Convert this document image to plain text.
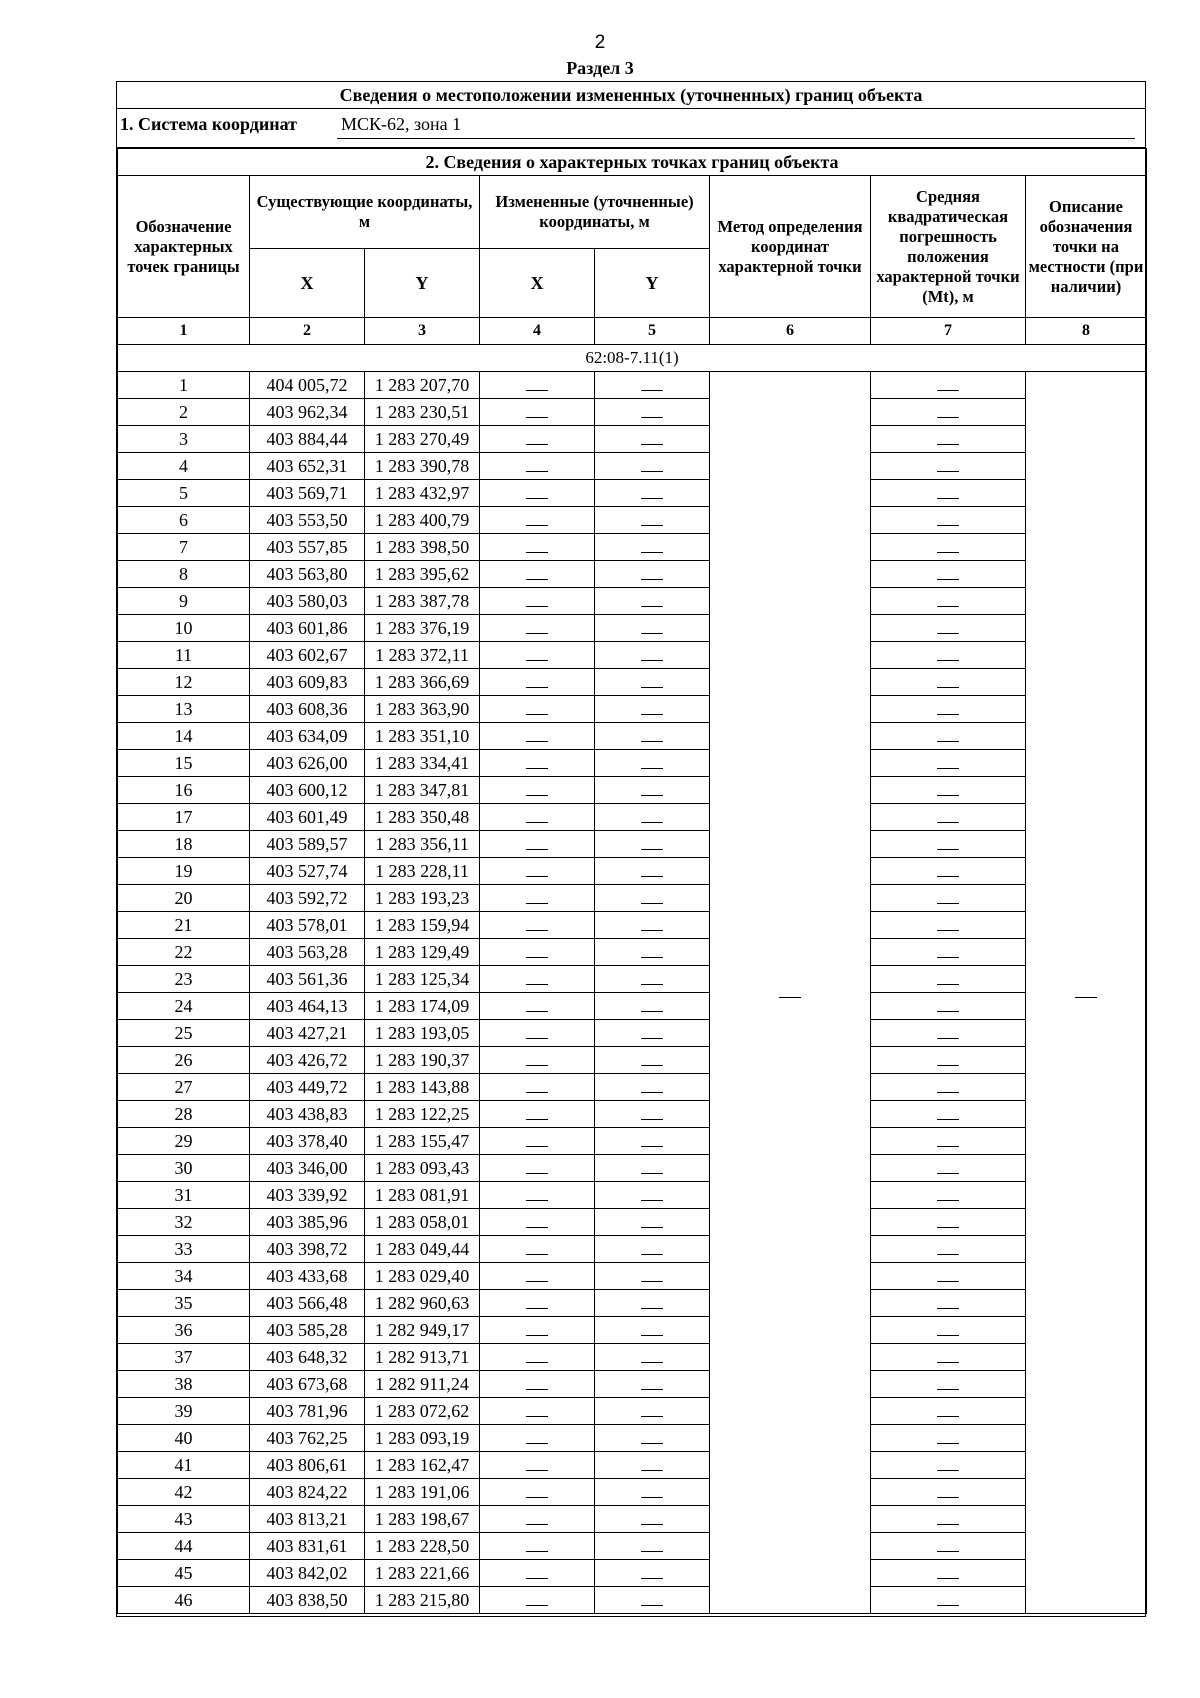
2
Раздел 3
Сведения о местоположении измененных (уточненных) границ объекта
1. Система координат МСК-62, зона 1
2. Сведения о характерных точках границ объекта							
Обозначение характерных точек границы	Существующие координаты, м		Измененные (уточненные) координаты, м		Метод определения координат характерной точки	Средняя квадратическая погрешность положения характерной точки (Mt), м	Описание обозначения точки на местности (при наличии)
	X	Y	X	Y			
1	2	3	4	5	6	7	8
62:08-7.11(1)							
1	404 005,72	1 283 207,70					
2	403 962,34	1 283 230,51					
3	403 884,44	1 283 270,49					
4	403 652,31	1 283 390,78					
5	403 569,71	1 283 432,97					
6	403 553,50	1 283 400,79					
7	403 557,85	1 283 398,50					
8	403 563,80	1 283 395,62					
9	403 580,03	1 283 387,78					
10	403 601,86	1 283 376,19					
11	403 602,67	1 283 372,11					
12	403 609,83	1 283 366,69					
13	403 608,36	1 283 363,90					
14	403 634,09	1 283 351,10					
15	403 626,00	1 283 334,41					
16	403 600,12	1 283 347,81					
17	403 601,49	1 283 350,48					
18	403 589,57	1 283 356,11					
19	403 527,74	1 283 228,11					
20	403 592,72	1 283 193,23					
21	403 578,01	1 283 159,94					
22	403 563,28	1 283 129,49					
23	403 561,36	1 283 125,34					
24	403 464,13	1 283 174,09					
25	403 427,21	1 283 193,05					
26	403 426,72	1 283 190,37					
27	403 449,72	1 283 143,88					
28	403 438,83	1 283 122,25					
29	403 378,40	1 283 155,47					
30	403 346,00	1 283 093,43					
31	403 339,92	1 283 081,91					
32	403 385,96	1 283 058,01					
33	403 398,72	1 283 049,44					
34	403 433,68	1 283 029,40					
35	403 566,48	1 282 960,63					
36	403 585,28	1 282 949,17					
37	403 648,32	1 282 913,71					
38	403 673,68	1 282 911,24					
39	403 781,96	1 283 072,62					
40	403 762,25	1 283 093,19					
41	403 806,61	1 283 162,47					
42	403 824,22	1 283 191,06					
43	403 813,21	1 283 198,67					
44	403 831,61	1 283 228,50					
45	403 842,02	1 283 221,66					
46	403 838,50	1 283 215,80					
